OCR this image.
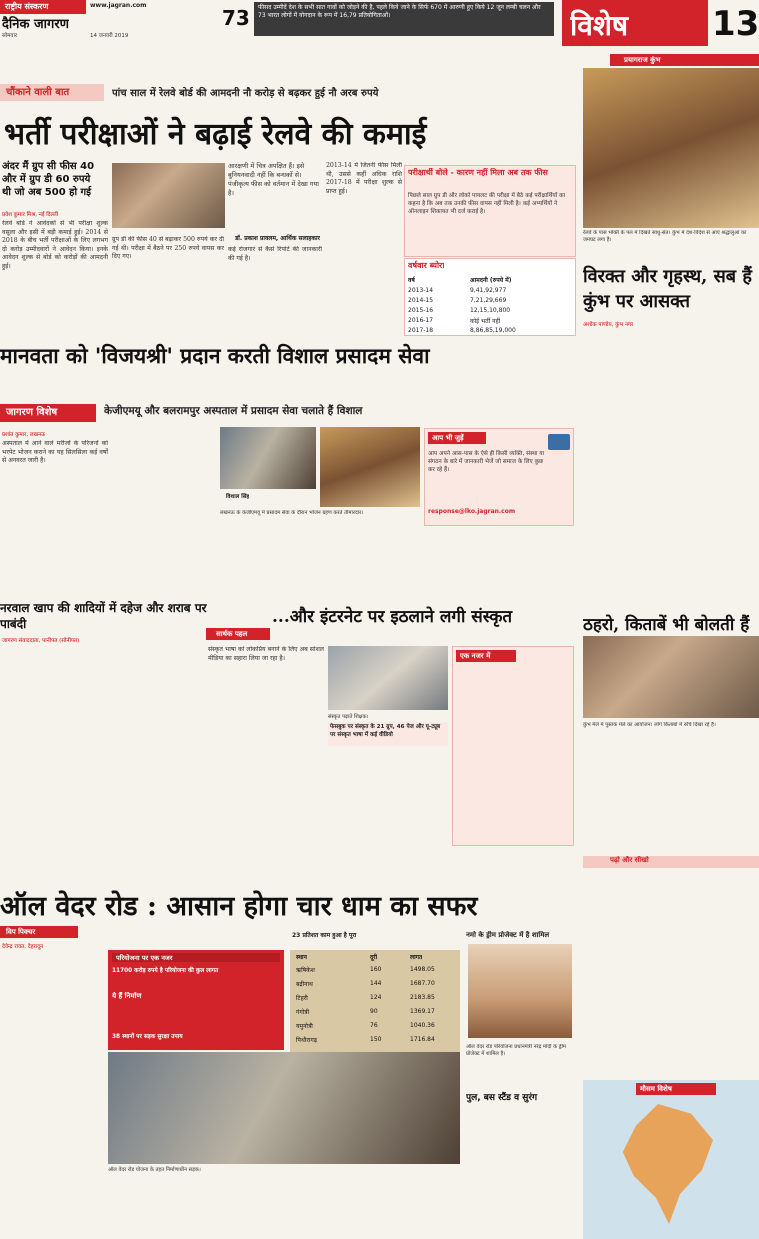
राष्ट्रीय संस्करण	www.jagran.com
दैनिक जागरण
सोमवार	14 जनवरी 2019
73	फीसद उम्मीदें देश के सभी सात गावों को जोड़ने की है, पहले किये जाने के सिर्फ 670 में आरुणी हुए किये 12 जून लम्बी चलन और 73 भारत लोगों में योगदान के रूप में 16,79 प्रतियोगिताओं।	विशेष	13
चौंकाने वाली बात	पांच साल में रेलवे बोर्ड की आमदनी नौ करोड़ से बढ़कर हुई नौ अरब रुपये
भर्ती परीक्षाओं ने बढ़ाई रेलवे की कमाई
अंदर मैं ग्रुप सी फीस 40 और में ग्रुप डी 60 रुपये थी जो अब 500 हो गई
प्रवेश कुमार मिश्र, नई दिल्ली
रेलवे बोर्ड ने आवेदकों से भी परीक्षा शुल्क वसूला और इसी में बड़ी कमाई हुई। 2014 से 2018 के बीच भर्ती परीक्षाओं के लिए लगभग दो करोड़ उम्मीदवारों ने आवेदन किया। इनके आवेदन शुल्क से बोर्ड को करोड़ों की आमदनी हुई।
ग्रुप डी की फीस 40 से बढ़ाकर 500 रुपये कर दी गई थी। परीक्षा में बैठने पर 250 रुपये वापस कर दिए गए।
आरक्षणी में चित्र अपक्षित हैं। इसे बुनियनवादी नहीं कि बन्धकों से। पंजीकृत्य फीस को वर्तमान में देखा गया है।
डॉ. प्रकाश प्रावलम, आर्थिक सलाहकार
कई रोजगार से कैसे रिपोर्ट की जानकारी की गई है।
2013-14 में जितनी फीस मिली थी, उससे कहीं अधिक राशि 2017-18 में परीक्षा शुल्क से प्राप्त हुई।
परीक्षार्थी बोले - कारण नहीं मिला अब तक फीस
पिछले साल ग्रुप डी और लोको पायलट की परीक्षा में बैठे कई परीक्षार्थियों का कहना है कि अब तक उनकी फीस वापस नहीं मिली है। कई अभ्यर्थियों ने ऑनलाइन शिकायत भी दर्ज कराई है।
वर्षवार ब्योरा
वर्ष	आमदनी (रुपये में)
2013-14	9,41,92,977
2014-15	7,21,29,669
2015-16	12,15,10,800
2016-17	कोई भर्ती नहीं
2017-18	8,86,85,19,000
प्रयागराज कुंभ
रेलवे के पास भक्ति के पल में दिखते साधु-संत। कुंभ में देश-विदेश से आए श्रद्धालुओं का जमघट लगा है।
विरक्त और गृहस्थ, सब हैं कुंभ पर आसक्त
अशोक पाण्डेय, कुंभ नगर
मानवता को 'विजयश्री' प्रदान करती विशाल प्रसादम सेवा
जागरण विशेष	केजीएमयू और बलरामपुर अस्पताल में प्रसादम सेवा चलाते हैं विशाल
प्रशांत कुमार, लखनऊ
अस्पताल में आने वाले मरीजों के परिजनों को भरपेट भोजन कराने का यह सिलसिला कई वर्षों से अनवरत जारी है।
विशाल सिंह
लखनऊ के केजीएमयू में प्रसादम सेवा के दौरान भोजन ग्रहण करते तीमारदार।
आप भी जुड़ें
आप अपने आस-पास के ऐसे ही किसी व्यक्ति, संस्था या संगठन के बारे में जानकारी भेजें जो समाज के लिए कुछ कर रहे हैं।
response@lko.jagran.com
ठहरो, किताबें भी बोलती हैं
कुंभ मेले में पुस्तक मेले का आयोजन। लोग किताबों में रुचि दिखा रहे हैं।
नरवाल खाप की शादियों में दहेज और शराब पर पाबंदी
जागरण संवाददाता, पानीपत (सोनीपत)
सार्थक पहल
...और इंटरनेट पर इठलाने लगी संस्कृत
संस्कृत पढ़ाते शिक्षक।
फेसबुक पर संस्कृत के 21 ग्रुप, 46 पेज और यू-ट्यूब पर संस्कृत भाषा में कई वीडियो
एक नजर में
संस्कृत भाषा को लोकप्रिय बनाने के लिए अब सोशल मीडिया का सहारा लिया जा रहा है।
ऑल वेदर रोड : आसान होगा चार धाम का सफर
विप पिक्चर
देवेन्द्र रावत, देहरादून
परियोजना पर एक नजर
11700 करोड़ रुपये है परियोजना की कुल लागत
ये हैं निर्माण
38 स्थानों पर सड़क सुरक्षा उपाय
23 प्रतिशत काम हुआ है पूरा
स्थान	दूरी	लागत
ऋषिकेश	160	1498.05
बद्रीनाथ	144	1687.70
टिहरी	124	2183.85
गंगोत्री	90	1369.17
यमुनोत्री	76	1040.36
पिथौरागढ़	150	1716.84
ऑल वेदर रोड योजना के तहत निर्माणाधीन सड़क।
नमो के ड्रीम प्रोजेक्ट में है शामिल
ऑल वेदर रोड परियोजना प्रधानमंत्री नरेंद्र मोदी के ड्रीम प्रोजेक्ट में शामिल है।
पुल, बस स्टैंड व सुरंग
पढ़ो और सीखो
मौसम विशेष
